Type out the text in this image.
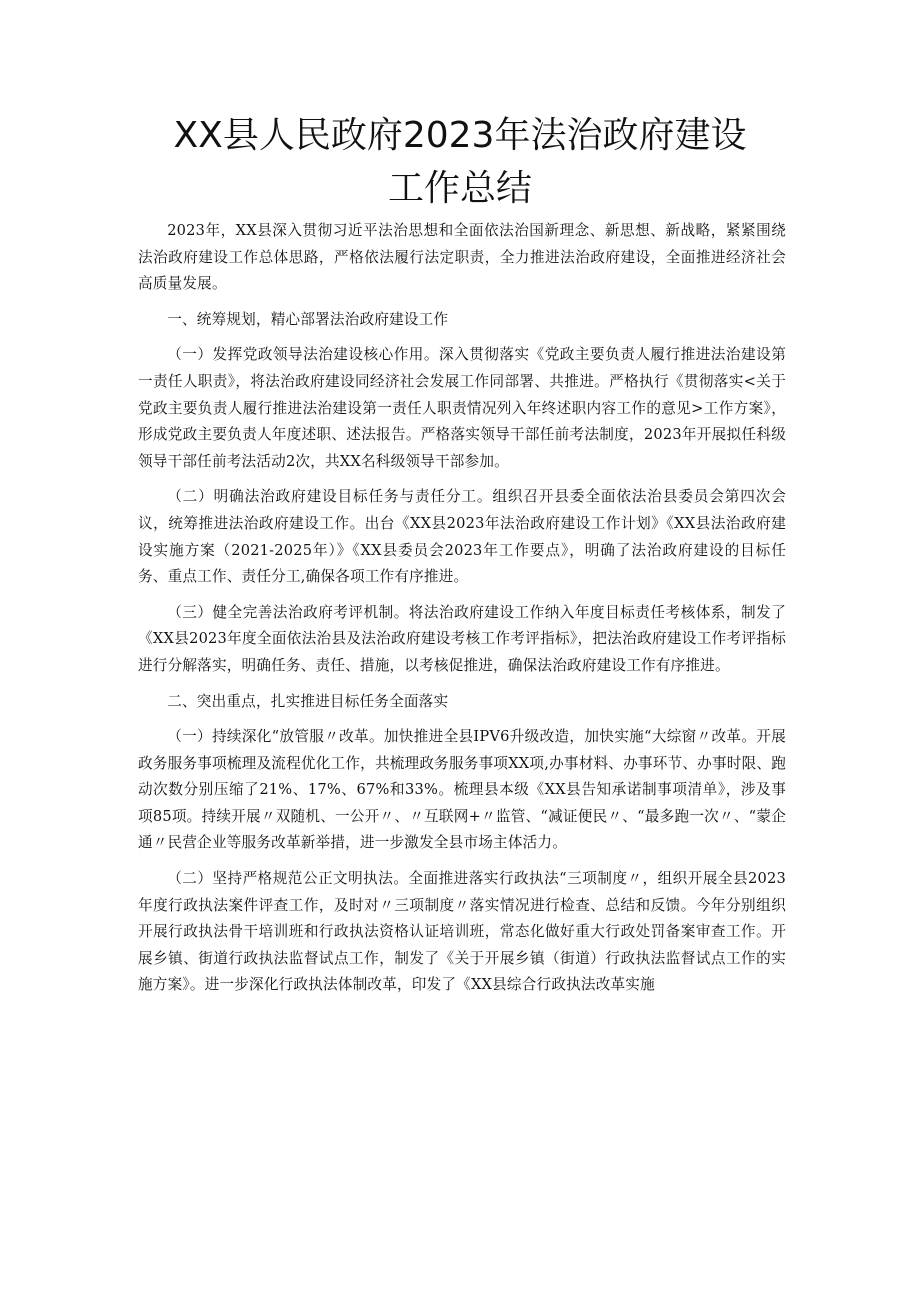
XX县人民政府2023年法治政府建设
工作总结

2023年，XX县深入贯彻习近平法治思想和全面依法治国新理念、新思想、新战略，紧紧围绕法治政府建设工作总体思路，严格依法履行法定职责，全力推进法治政府建设，全面推进经济社会高质量发展。

一、统筹规划，精心部署法治政府建设工作

（一）发挥党政领导法治建设核心作用。深入贯彻落实《党政主要负责人履行推进法治建设第一责任人职责》，将法治政府建设同经济社会发展工作同部署、共推进。严格执行《贯彻落实<关于党政主要负责人履行推进法治建设第一责任人职责情况列入年终述职内容工作的意见>工作方案》，形成党政主要负责人年度述职、述法报告。严格落实领导干部任前考法制度，2023年开展拟任科级领导干部任前考法活动2次，共XX名科级领导干部参加。

（二）明确法治政府建设目标任务与责任分工。组织召开县委全面依法治县委员会第四次会议，统筹推进法治政府建设工作。出台《XX县2023年法治政府建设工作计划》《XX县法治政府建设实施方案（2021-2025年）》《XX县委员会2023年工作要点》，明确了法治政府建设的目标任务、重点工作、责任分工,确保各项工作有序推进。

（三）健全完善法治政府考评机制。将法治政府建设工作纳入年度目标责任考核体系，制发了《XX县2023年度全面依法治县及法治政府建设考核工作考评指标》，把法治政府建设工作考评指标进行分解落实，明确任务、责任、措施，以考核促推进，确保法治政府建设工作有序推进。

二、突出重点，扎实推进目标任务全面落实

（一）持续深化“放管服〃改革。加快推进全县IPV6升级改造，加快实施“大综窗〃改革。开展政务服务事项梳理及流程优化工作，共梳理政务服务事项XX项,办事材料、办事环节、办事时限、跑动次数分别压缩了21%、17%、67%和33%。梳理县本级《XX县告知承诺制事项清单》，涉及事项85项。持续开展〃双随机、一公开〃、〃互联网+〃监管、“减证便民〃、“最多跑一次〃、“蒙企通〃民营企业等服务改革新举措，进一步激发全县市场主体活力。

（二）坚持严格规范公正文明执法。全面推进落实行政执法“三项制度〃，组织开展全县2023年度行政执法案件评查工作，及时对〃三项制度〃落实情况进行检查、总结和反馈。今年分别组织开展行政执法骨干培训班和行政执法资格认证培训班，常态化做好重大行政处罚备案审查工作。开展乡镇、街道行政执法监督试点工作，制发了《关于开展乡镇（街道）行政执法监督试点工作的实施方案》。进一步深化行政执法体制改革，印发了《XX县综合行政执法改革实施
